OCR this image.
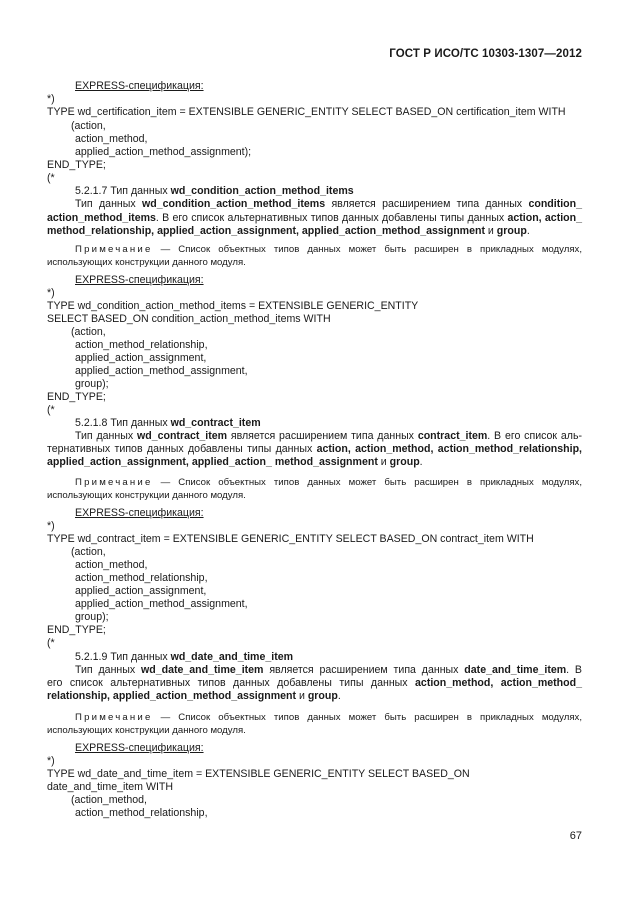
ГОСТ Р ИСО/ТС 10303-1307—2012
EXPRESS-спецификация:
*)
TYPE wd_certification_item = EXTENSIBLE GENERIC_ENTITY SELECT BASED_ON certification_item WITH
(action,
action_method,
applied_action_method_assignment);
END_TYPE;
(*
5.2.1.7 Тип данных wd_condition_action_method_items
Тип данных wd_condition_action_method_items является расширением типа данных condition_
action_method_items. В его список альтернативных типов данных добавлены типы данных action, action_
method_relationship, applied_action_assignment, applied_action_method_assignment и group.
Примечание — Список объектных типов данных может быть расширен в прикладных модулях,
использующих конструкции данного модуля.
EXPRESS-спецификация:
*)
TYPE wd_condition_action_method_items = EXTENSIBLE GENERIC_ENTITY
SELECT BASED_ON condition_action_method_items WITH
(action,
action_method_relationship,
applied_action_assignment,
applied_action_method_assignment,
group);
END_TYPE;
(*
5.2.1.8 Тип данных wd_contract_item
Тип данных wd_contract_item является расширением типа данных contract_item. В его список аль-
тернативных типов данных добавлены типы данных action, action_method, action_method_relationship,
applied_action_assignment, applied_action_ method_assignment и group.
Примечание — Список объектных типов данных может быть расширен в прикладных модулях,
использующих конструкции данного модуля.
EXPRESS-спецификация:
*)
TYPE wd_contract_item = EXTENSIBLE GENERIC_ENTITY SELECT BASED_ON contract_item WITH
(action,
action_method,
action_method_relationship,
applied_action_assignment,
applied_action_method_assignment,
group);
END_TYPE;
(*
5.2.1.9 Тип данных wd_date_and_time_item
Тип данных wd_date_and_time_item является расширением типа данных date_and_time_item. В
его список альтернативных типов данных добавлены типы данных action_method, action_method_
relationship, applied_action_method_assignment и group.
Примечание — Список объектных типов данных может быть расширен в прикладных модулях,
использующих конструкции данного модуля.
EXPRESS-спецификация:
*)
TYPE wd_date_and_time_item = EXTENSIBLE GENERIC_ENTITY SELECT BASED_ON
date_and_time_item WITH
(action_method,
action_method_relationship,
67
